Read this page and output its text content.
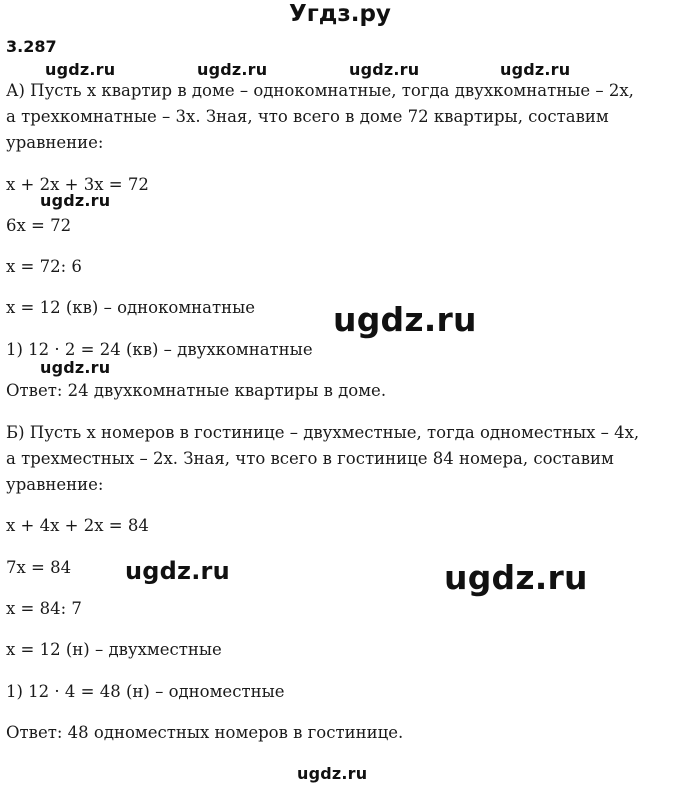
Угдз.ру
3.287
А) Пусть x квартир в доме – однокомнатные, тогда двухкомнатные – 2x,
а трехкомнатные – 3x. Зная, что всего в доме 72 квартиры, составим
уравнение:
x + 2x + 3x = 72
6x = 72
x = 72: 6
x = 12 (кв) – однокомнатные
1) 12 · 2 = 24 (кв) – двухкомнатные
Ответ: 24 двухкомнатные квартиры в доме.
Б) Пусть x номеров в гостинице – двухместные, тогда одноместных – 4x,
а трехместных – 2x. Зная, что всего в гостинице 84 номера, составим
уравнение:
x + 4x + 2x = 84
7x = 84
x = 84: 7
x = 12 (н) – двухместные
1) 12 · 4 = 48 (н) – одноместные
Ответ: 48 одноместных номеров в гостинице.
ugdz.ru	ugdz.ru	ugdz.ru	ugdz.ru
ugdz.ru
ugdz.ru
ugdz.ru
ugdz.ru	ugdz.ru
ugdz.ru
